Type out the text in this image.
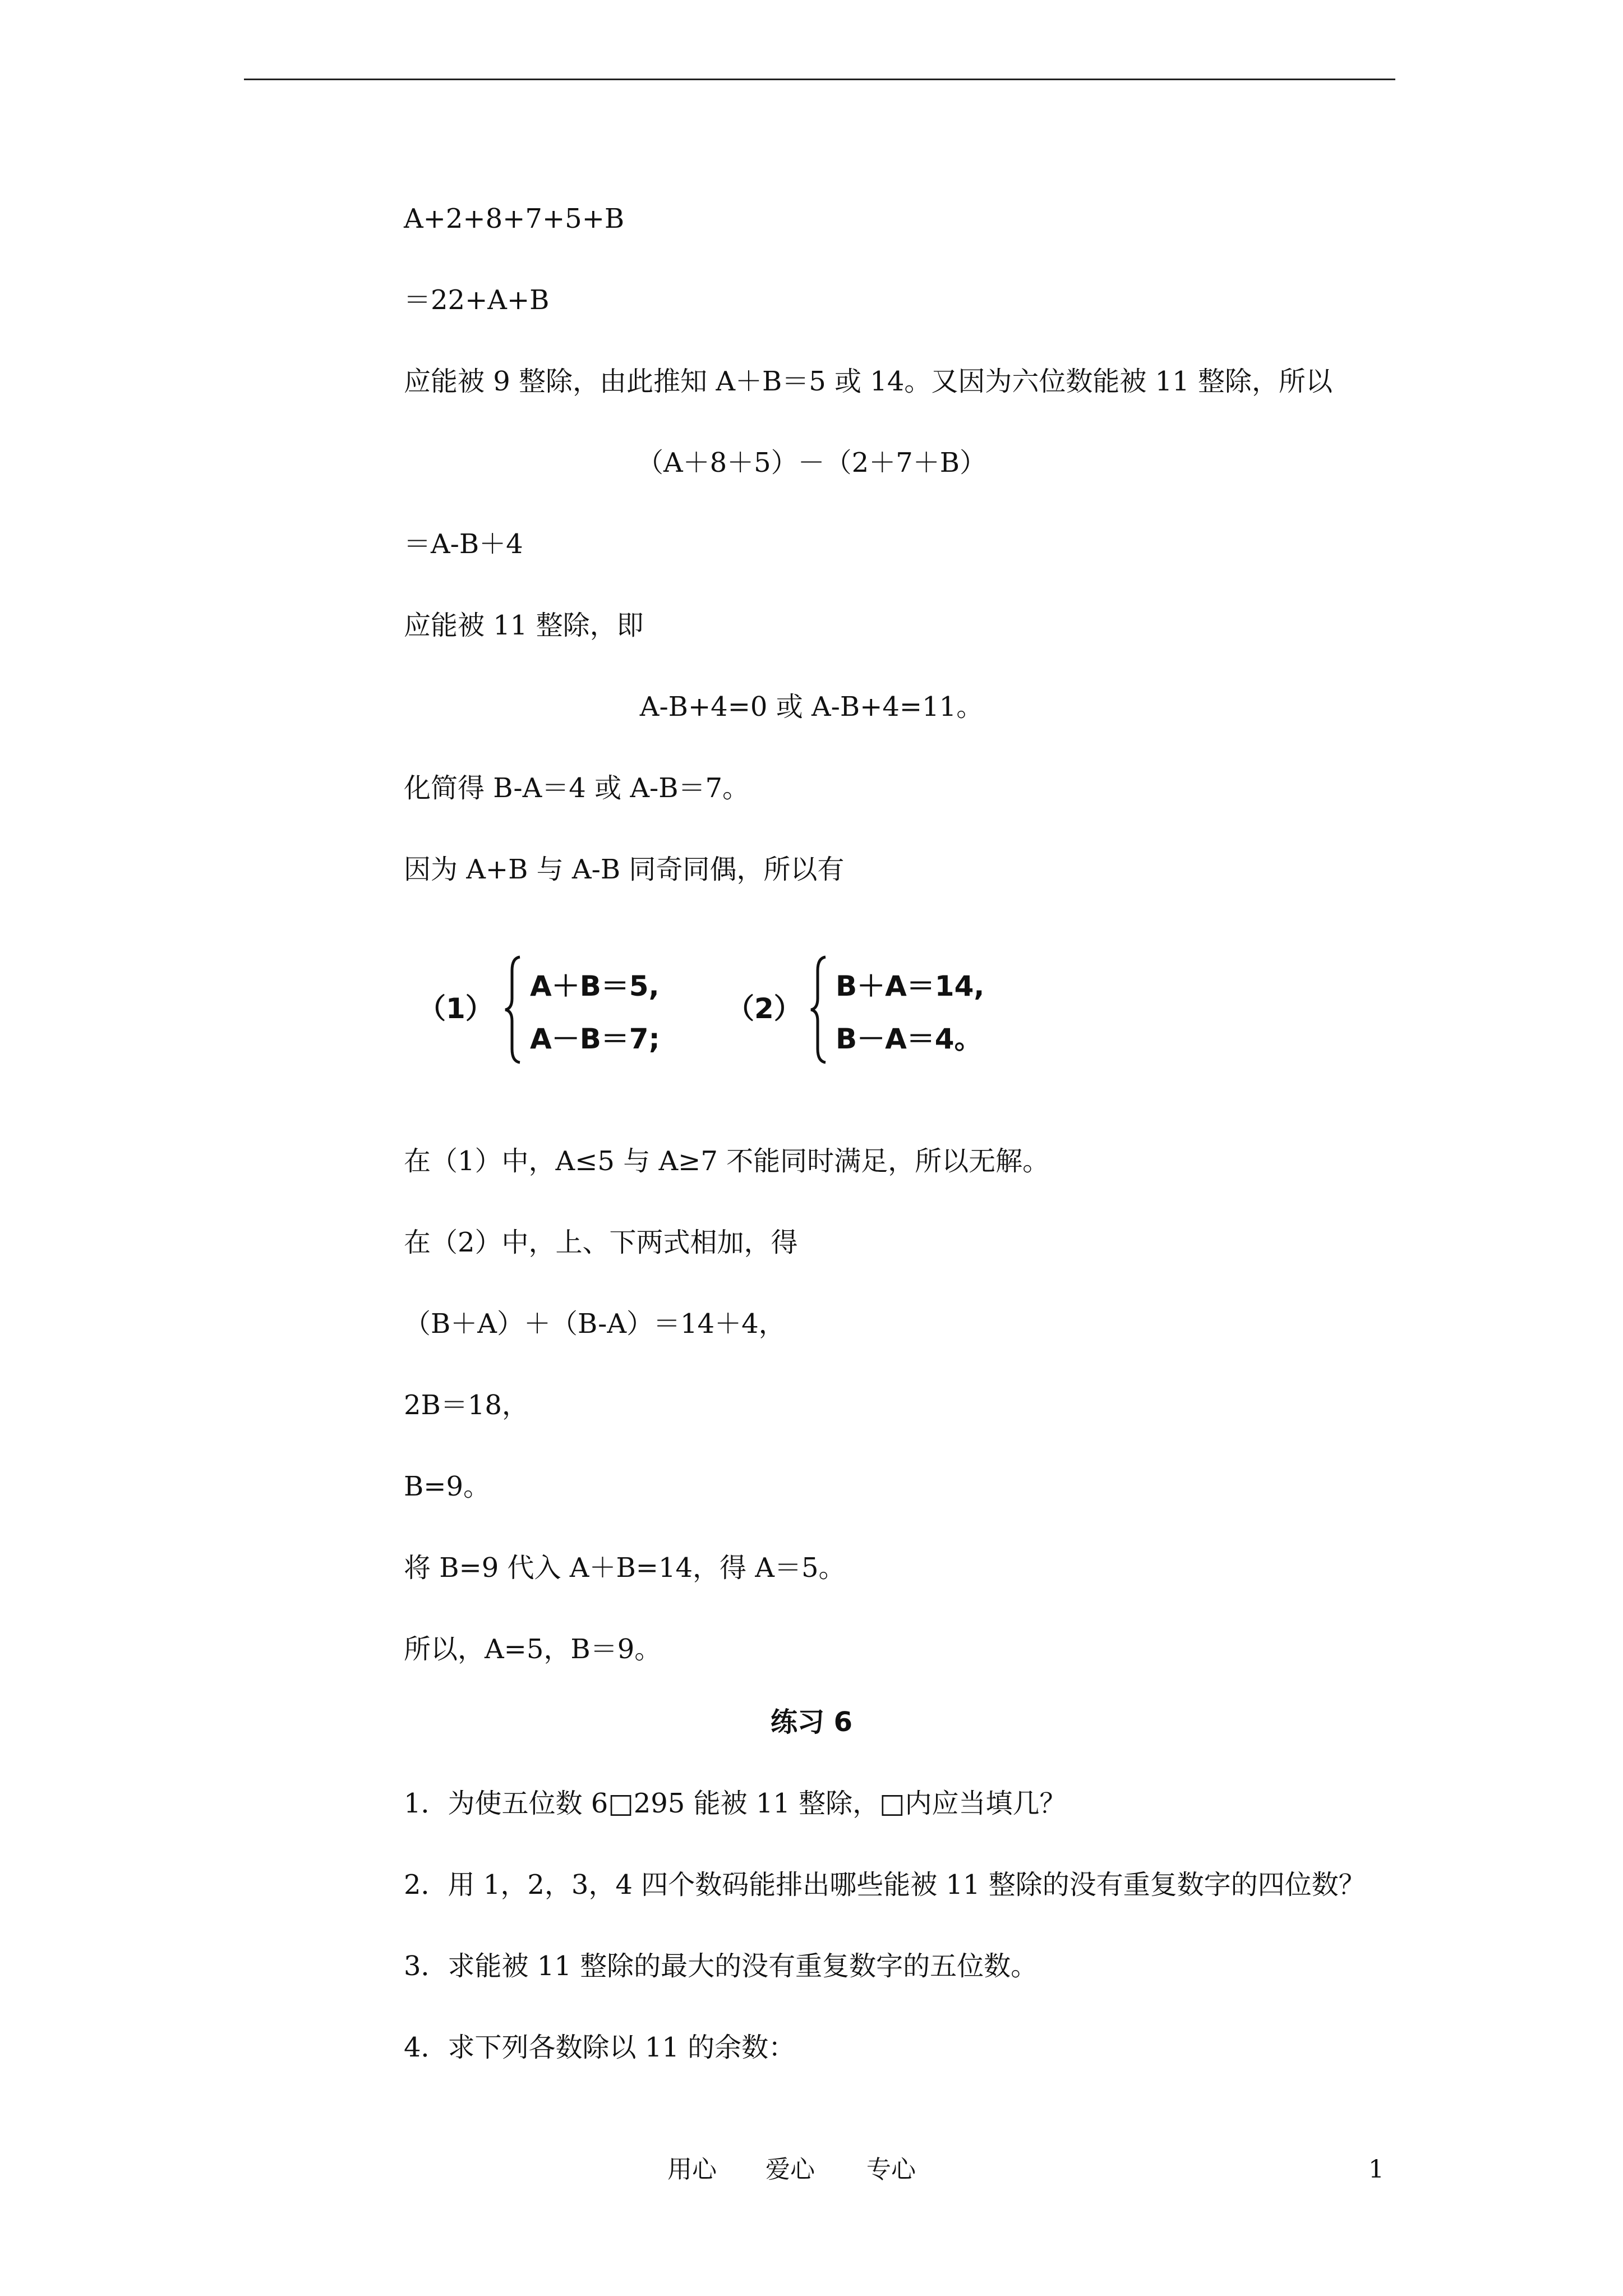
A+2+8+7+5+B
＝22+A+B
应能被 9 整除，由此推知 A＋B＝5 或 14。又因为六位数能被 11 整除，所以
（A＋8＋5）－（2＋7＋B）
＝A-B＋4
应能被 11 整除，即
A-B+4=0 或 A-B+4=11。
化简得 B-A＝4 或 A-B＝7。
因为 A+B 与 A-B 同奇同偶，所以有
（1）
A＋B＝5,
A－B＝7;
（2）
B＋A＝14,
B－A＝4。
在（1）中，A≤5 与 A≥7 不能同时满足，所以无解。
在（2）中，上、下两式相加，得
（B＋A）＋（B-A）＝14＋4，
2B＝18，
B=9。
将 B=9 代入 A＋B=14，得 A＝5。
所以，A=5，B＝9。
练习 6
1．为使五位数 6□295 能被 11 整除，□内应当填几？
2．用 1，2，3，4 四个数码能排出哪些能被 11 整除的没有重复数字的四位数？
3．求能被 11 整除的最大的没有重复数字的五位数。
4．求下列各数除以 11 的余数：
用心 爱心 专心	1
